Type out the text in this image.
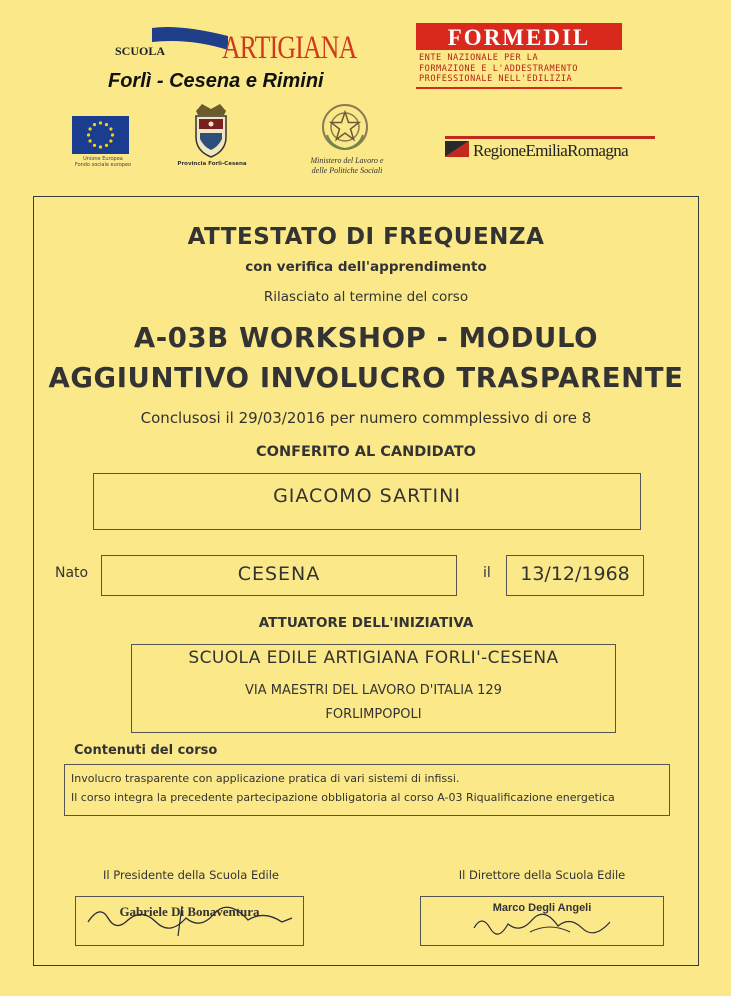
SCUOLA EDILE ARTIGIANA
Forlì - Cesena e Rimini
FORMEDIL
ENTE NAZIONALE PER LA
FORMAZIONE E L'ADDESTRAMENTO
PROFESSIONALE NELL'EDILIZIA
Unione Europea
Fondo sociale europeo	Provincia Forlì-Cesena	Ministero del Lavoro e
delle Politiche Sociali
RegioneEmiliaRomagna
ATTESTATO DI FREQUENZA
con verifica dell'apprendimento
Rilasciato al termine del corso
A-03B WORKSHOP - MODULO
AGGIUNTIVO INVOLUCRO TRASPARENTE
Conclusosi il 29/03/2016 per numero commplessivo di ore 8
CONFERITO AL CANDIDATO
GIACOMO SARTINI
Nato	CESENA	il	13/12/1968
ATTUATORE DELL'INIZIATIVA
SCUOLA EDILE ARTIGIANA FORLI'-CESENA
VIA MAESTRI DEL LAVORO D'ITALIA 129
FORLIMPOPOLI
Contenuti del corso
Involucro trasparente con applicazione pratica di vari sistemi di infissi.
Il corso integra la precedente partecipazione obbligatoria al corso A-03 Riqualificazione energetica
Il Presidente della Scuola Edile	Il Direttore della Scuola Edile
Gabriele Di Bonaventura	Marco Degli Angeli
